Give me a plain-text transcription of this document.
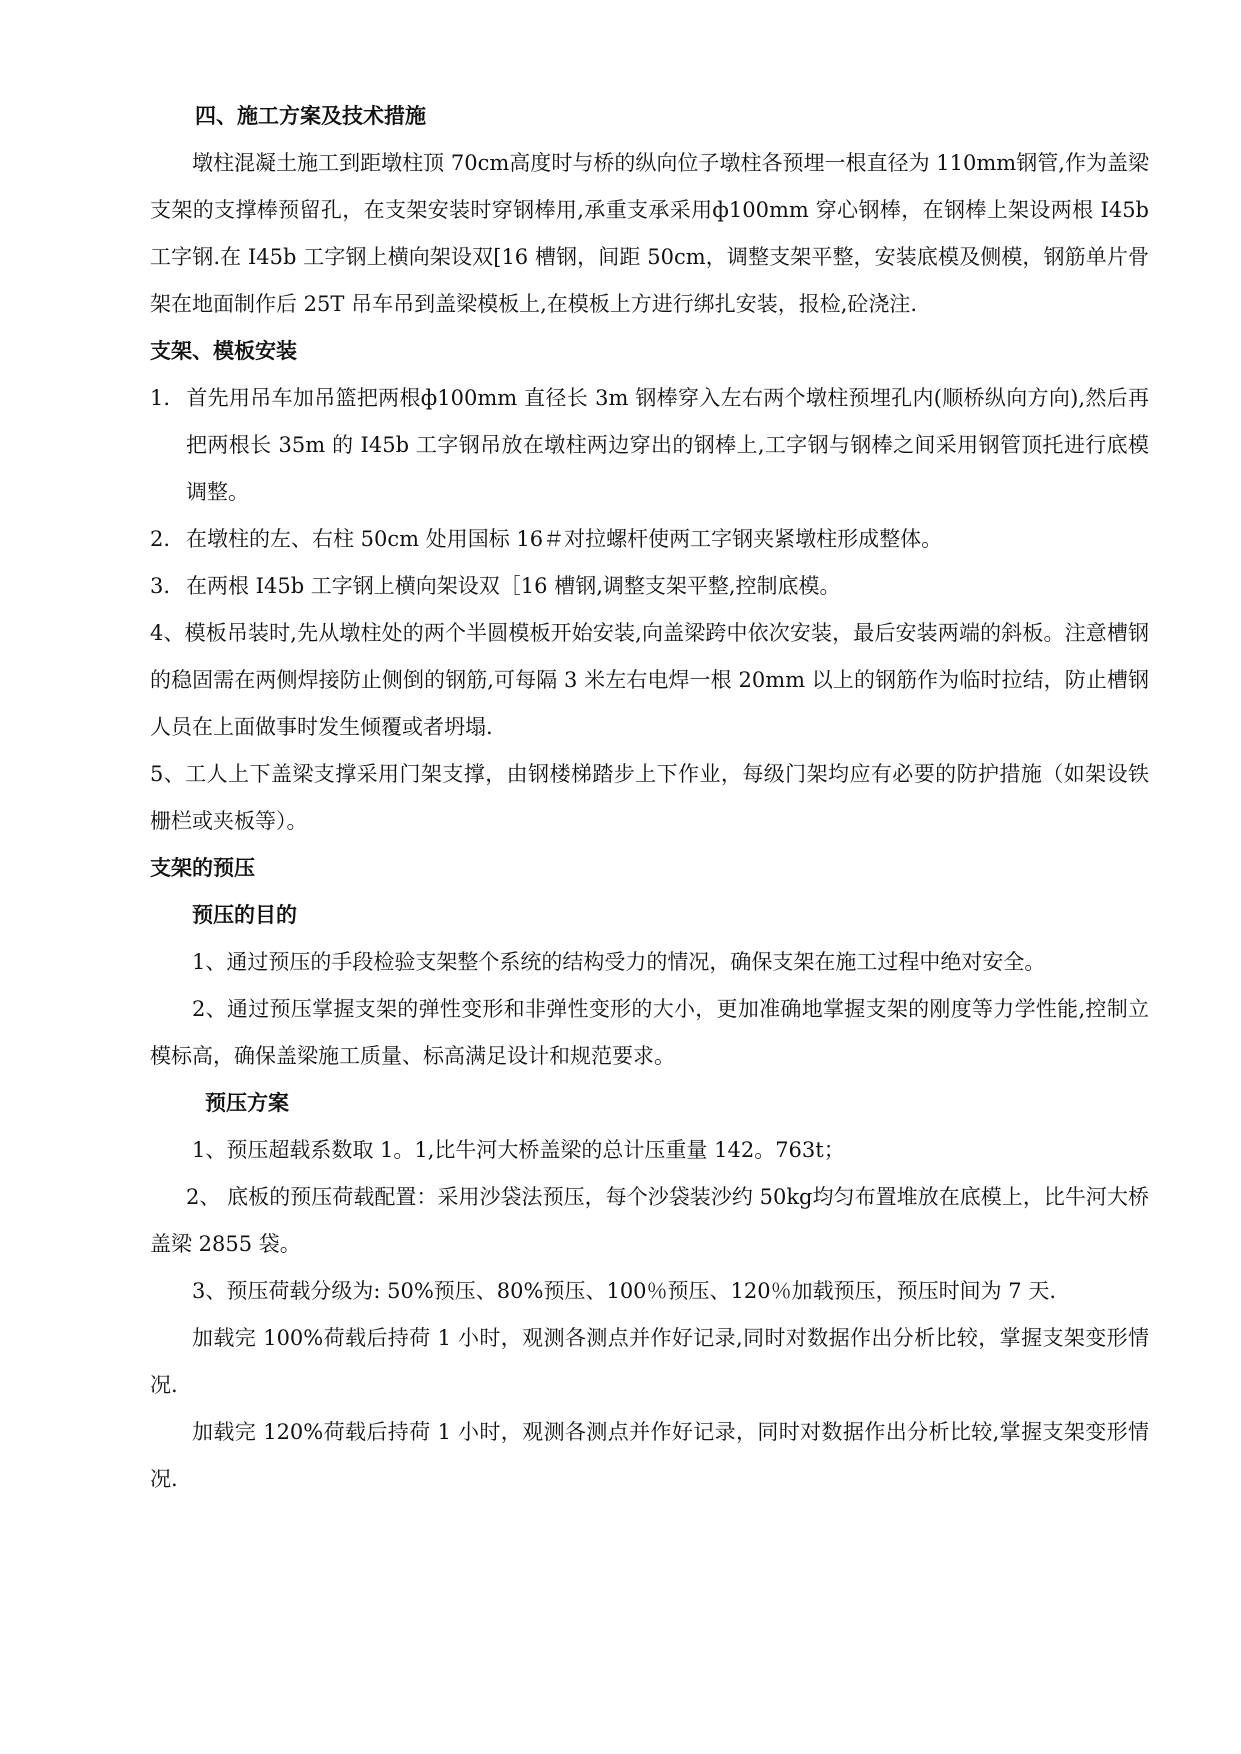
四、施工方案及技术措施

墩柱混凝土施工到距墩柱顶 70cm高度时与桥的纵向位子墩柱各预埋一根直径为 110mm钢管,作为盖梁支架的支撑棒预留孔，在支架安装时穿钢棒用,承重支承采用ф100mm 穿心钢棒，在钢棒上架设两根 I45b 工字钢.在 I45b 工字钢上横向架设双[16 槽钢，间距 50cm，调整支架平整，安装底模及侧模，钢筋单片骨架在地面制作后 25T 吊车吊到盖梁模板上,在模板上方进行绑扎安装，报检,砼浇注.

支架、模板安装

1. 首先用吊车加吊篮把两根ф100mm 直径长 3m 钢棒穿入左右两个墩柱预埋孔内(顺桥纵向方向),然后再把两根长 35m 的 I45b 工字钢吊放在墩柱两边穿出的钢棒上,工字钢与钢棒之间采用钢管顶托进行底模调整。

2. 在墩柱的左、右柱 50cm 处用国标 16＃对拉螺杆使两工字钢夹紧墩柱形成整体。

3. 在两根 I45b 工字钢上横向架设双［16 槽钢,调整支架平整,控制底模。

4、模板吊装时,先从墩柱处的两个半圆模板开始安装,向盖梁跨中依次安装，最后安装两端的斜板。注意槽钢的稳固需在两侧焊接防止侧倒的钢筋,可每隔 3 米左右电焊一根 20mm 以上的钢筋作为临时拉结，防止槽钢人员在上面做事时发生倾覆或者坍塌.

5、工人上下盖梁支撑采用门架支撑，由钢楼梯踏步上下作业，每级门架均应有必要的防护措施（如架设铁栅栏或夹板等）。

支架的预压

预压的目的

1、通过预压的手段检验支架整个系统的结构受力的情况，确保支架在施工过程中绝对安全。

2、通过预压掌握支架的弹性变形和非弹性变形的大小，更加准确地掌握支架的刚度等力学性能,控制立模标高，确保盖梁施工质量、标高满足设计和规范要求。

预压方案

1、预压超载系数取 1。1,比牛河大桥盖梁的总计压重量 142。763t；

2、 底板的预压荷载配置：采用沙袋法预压，每个沙袋装沙约 50kg均匀布置堆放在底模上，比牛河大桥盖梁 2855 袋。

3、预压荷载分级为: 50%预压、80%预压、100％预压、120％加载预压，预压时间为 7 天.

加载完 100%荷载后持荷 1 小时，观测各测点并作好记录,同时对数据作出分析比较，掌握支架变形情况.

加载完 120%荷载后持荷 1 小时，观测各测点并作好记录，同时对数据作出分析比较,掌握支架变形情况.
